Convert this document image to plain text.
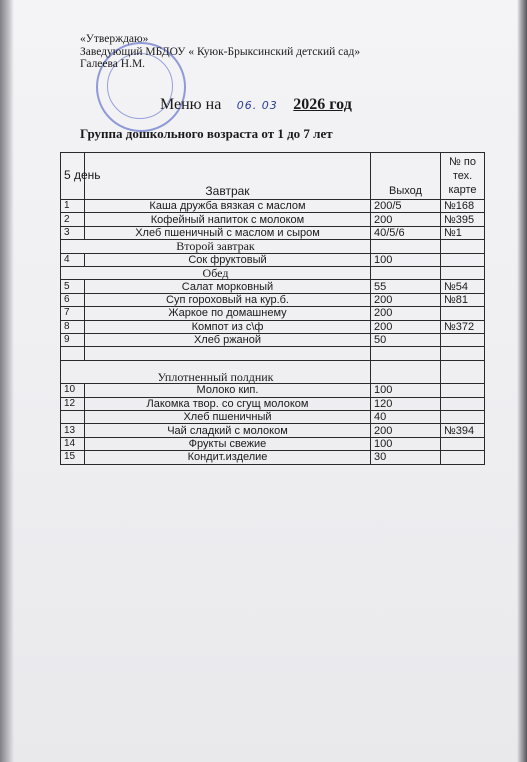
«Утверждаю»
Заведующий МБДОУ « Куюк-Брыксинский детский сад»
Галеева Н.М.
Меню на 06. 03 2026 год
Группа дошкольного возраста от 1 до 7 лет
5 день	Завтрак	Выход	№ по тех. карте
1	Каша дружба вязкая с маслом	200/5	№168
2	Кофейный напиток с молоком	200	№395
3	Хлеб пшеничный с маслом и сыром	40/5/6	№1
Второй завтрак			
4	Сок фруктовый	100	
Обед			
5	Салат морковный	55	№54
6	Суп гороховый на кур.б.	200	№81
7	Жаркое по домашнему	200	
8	Компот из с\ф	200	№372
9	Хлеб ржаной	50	

Уплотненный полдник			
10	Молоко кип.	100	
12	Лакомка твор. со сгущ молоком	120	
	Хлеб пшеничный	40	
13	Чай сладкий с молоком	200	№394
14	Фрукты свежие	100	
15	Кондит.изделие	30	
